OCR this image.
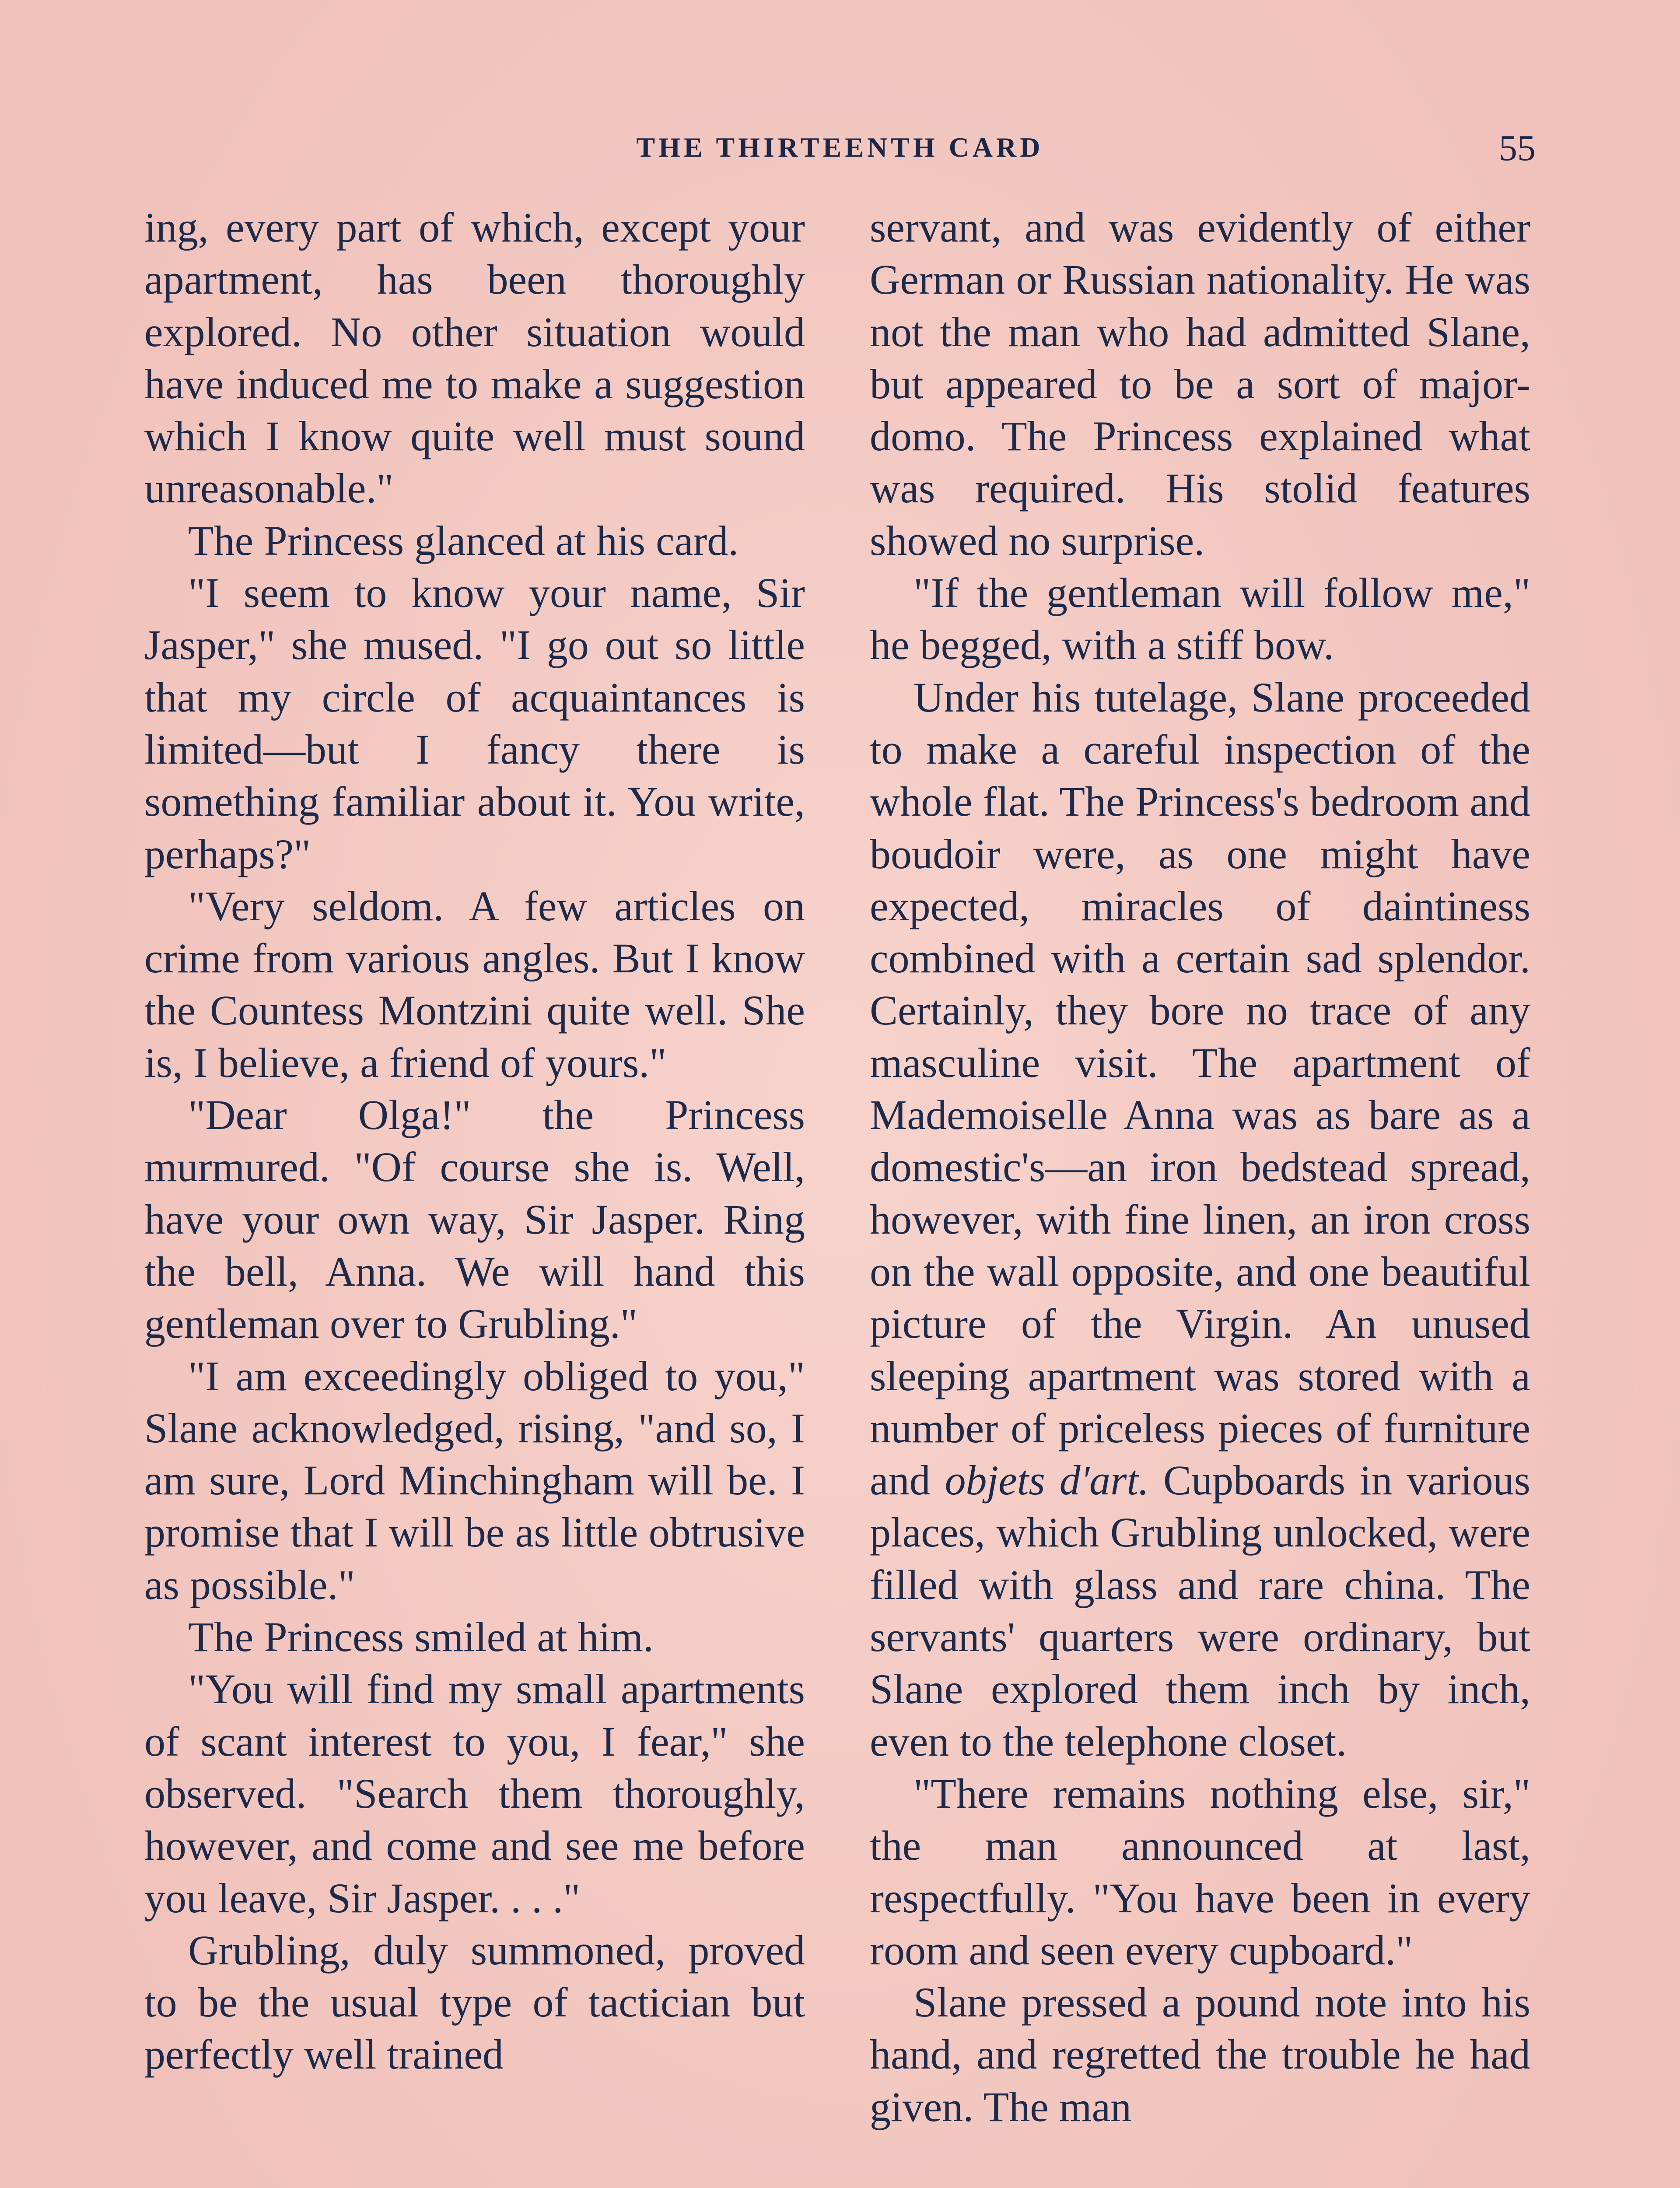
THE THIRTEENTH CARD	55

ing, every part of which, except your apartment, has been thoroughly explored. No other situation would have induced me to make a suggestion which I know quite well must sound unreasonable."

The Princess glanced at his card.

"I seem to know your name, Sir Jasper," she mused. "I go out so little that my circle of acquaintances is limited—but I fancy there is something familiar about it. You write, perhaps?"

"Very seldom. A few articles on crime from various angles. But I know the Countess Montzini quite well. She is, I believe, a friend of yours."

"Dear Olga!" the Princess murmured. "Of course she is. Well, have your own way, Sir Jasper. Ring the bell, Anna. We will hand this gentleman over to Grubling."

"I am exceedingly obliged to you," Slane acknowledged, rising, "and so, I am sure, Lord Minchingham will be. I promise that I will be as little obtrusive as possible."

The Princess smiled at him.

"You will find my small apartments of scant interest to you, I fear," she observed. "Search them thoroughly, however, and come and see me before you leave, Sir Jasper. . . ."

Grubling, duly summoned, proved to be the usual type of tactician but perfectly well trained

servant, and was evidently of either German or Russian nationality. He was not the man who had admitted Slane, but appeared to be a sort of major-domo. The Princess explained what was required. His stolid features showed no surprise.

"If the gentleman will follow me," he begged, with a stiff bow.

Under his tutelage, Slane proceeded to make a careful inspection of the whole flat. The Princess's bedroom and boudoir were, as one might have expected, miracles of daintiness combined with a certain sad splendor. Certainly, they bore no trace of any masculine visit. The apartment of Mademoiselle Anna was as bare as a domestic's—an iron bedstead spread, however, with fine linen, an iron cross on the wall opposite, and one beautiful picture of the Virgin. An unused sleeping apartment was stored with a number of priceless pieces of furniture and objets d'art. Cupboards in various places, which Grubling unlocked, were filled with glass and rare china. The servants' quarters were ordinary, but Slane explored them inch by inch, even to the telephone closet.

"There remains nothing else, sir," the man announced at last, respectfully. "You have been in every room and seen every cupboard."

Slane pressed a pound note into his hand, and regretted the trouble he had given. The man
